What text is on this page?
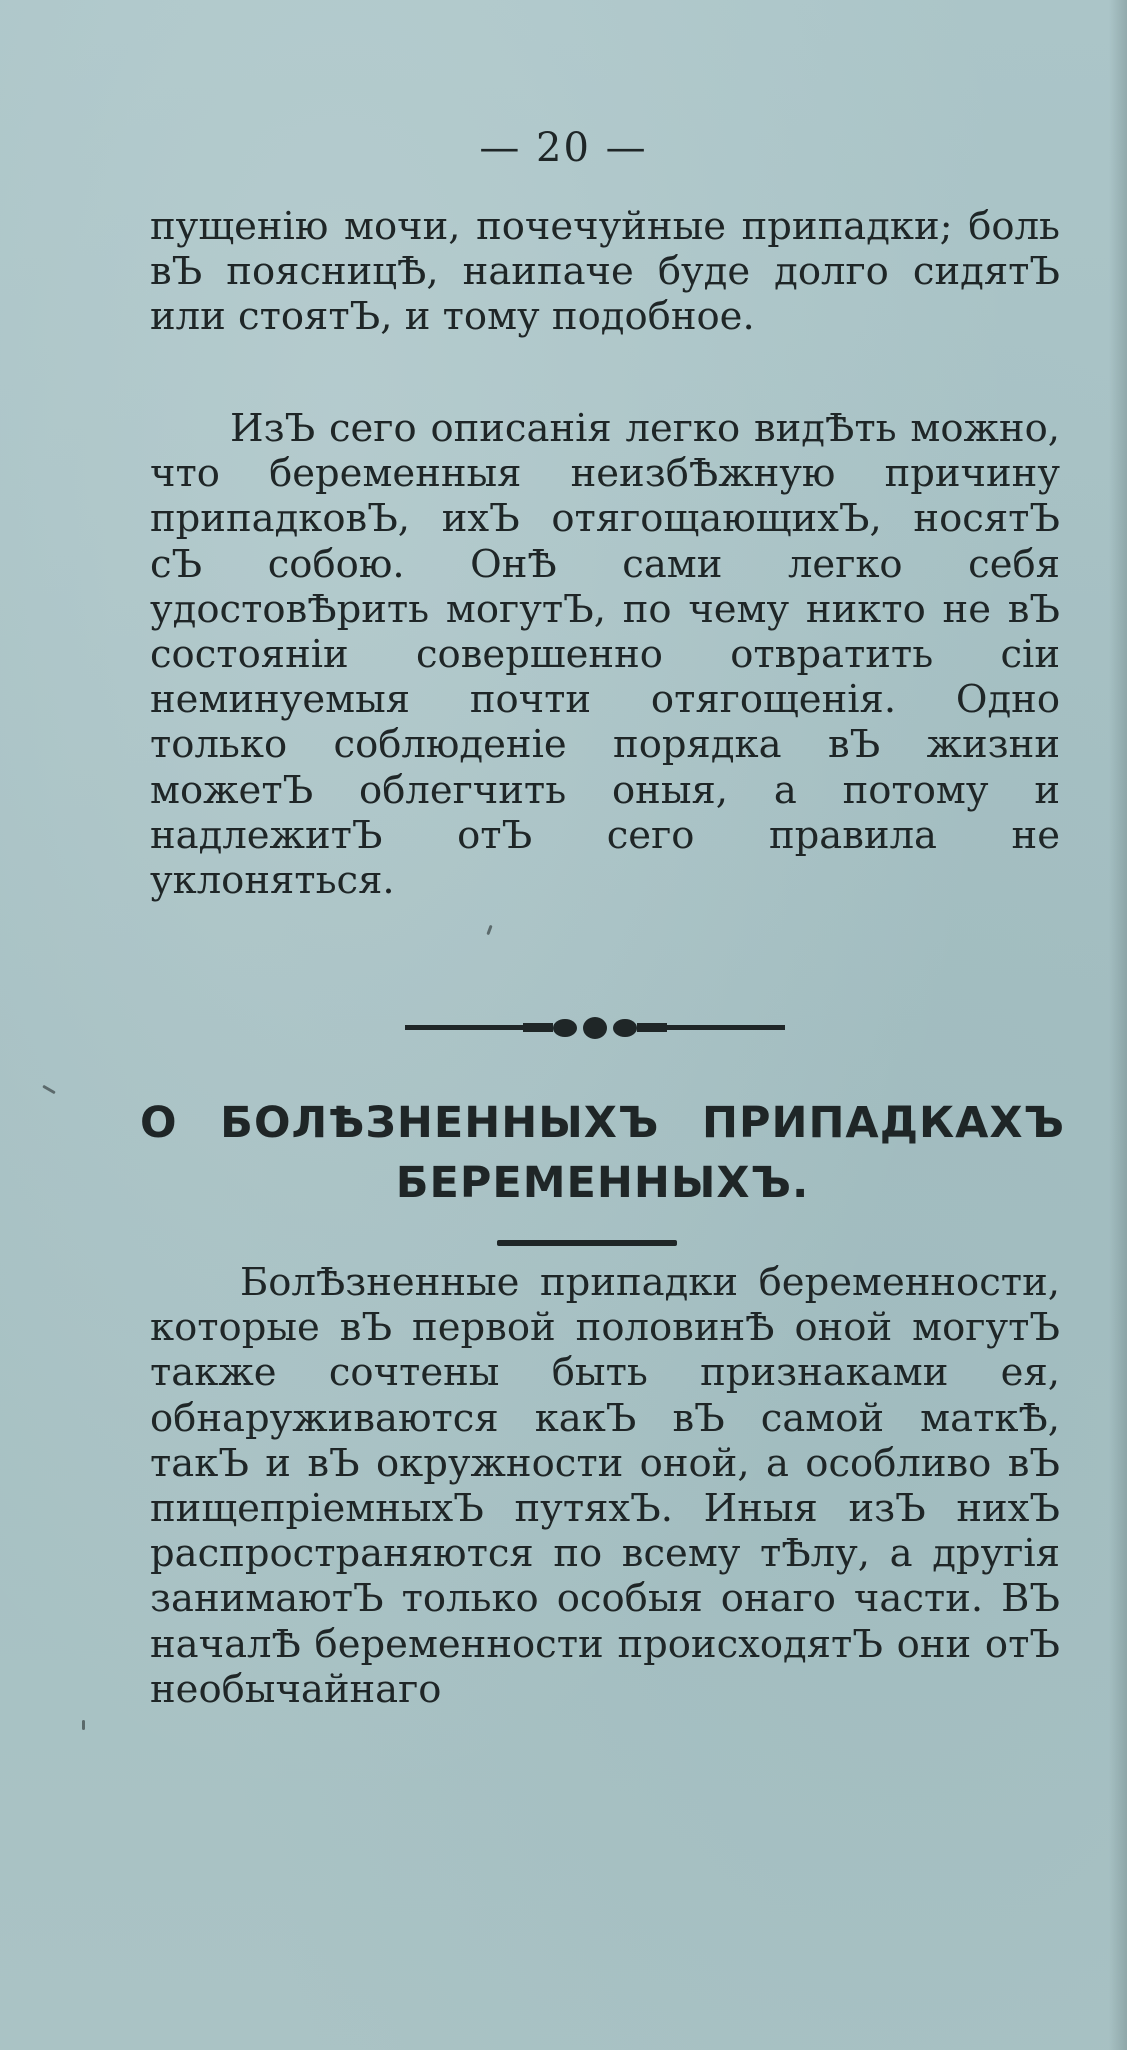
— 20 —
пущенію мочи, почечуйные припадки; боль вЪ поясницѢ, наипаче буде долго сидятЪ или стоятЪ, и тому подобное.
ИзЪ сего описанія легко видѢть можно, что беременныя неизбѢжную причину припадковЪ, ихЪ отягощающихЪ, носятЪ сЪ собою. ОнѢ сами легко себя удостовѢрить могутЪ, по чему никто не вЪ состояніи совершенно отвратить сіи неминуемыя почти отягощенія. Одно только соблюденіе порядка вЪ жизни можетЪ облегчить оныя, а потому и надлежитЪ отЪ сего правила не уклоняться.
О БОЛѢЗНЕННЫХЪ ПРИПАДКАХЪ
БЕРЕМЕННЫХЪ.
БолѢзненные припадки беременности, которые вЪ первой половинѢ оной могутЪ также сочтены быть признаками ея, обнаруживаются какЪ вЪ самой маткѢ, такЪ и вЪ окружности оной, а особливо вЪ пищепріемныхЪ путяхЪ. Иныя изЪ нихЪ распространяются по всему тѢлу, а другія занимаютЪ только особыя онаго части. ВЪ началѢ беременности происходятЪ они отЪ необычайнаго
